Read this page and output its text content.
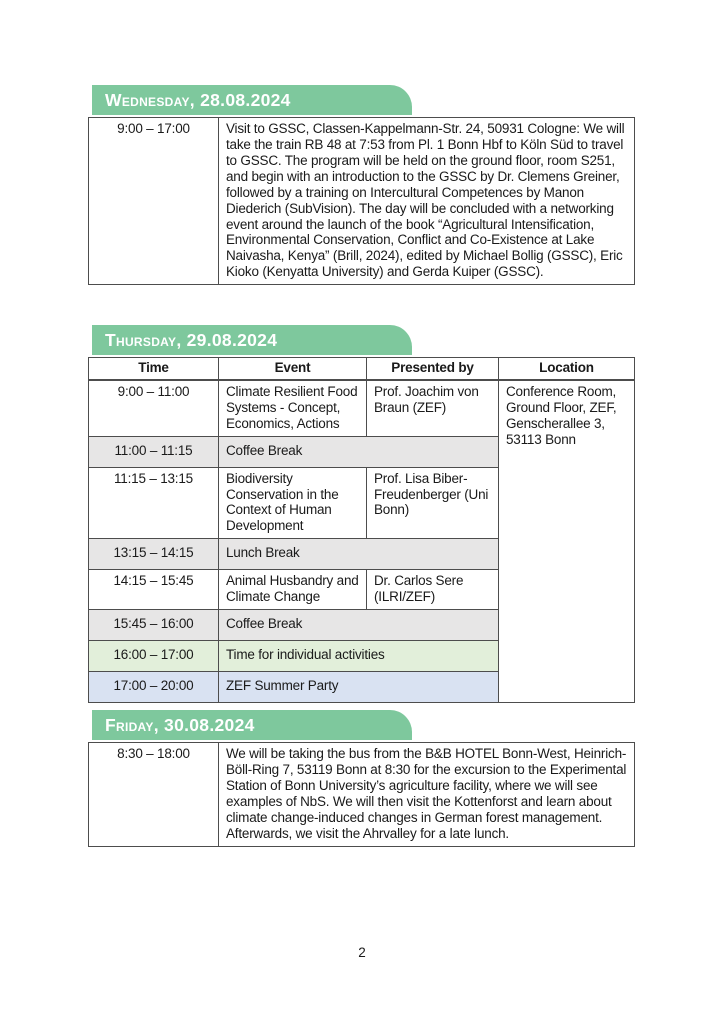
Wednesday, 28.08.2024
9:00 – 17:00	Visit to GSSC, Classen-Kappelmann-Str. 24, 50931 Cologne: We will take the train RB 48 at 7:53 from Pl. 1 Bonn Hbf to Köln Süd to travel to GSSC. The program will be held on the ground floor, room S251, and begin with an introduction to the GSSC by Dr. Clemens Greiner, followed by a training on Intercultural Competences by Manon Diederich (SubVision). The day will be concluded with a networking event around the launch of the book “Agricultural Intensification, Environmental Conservation, Conflict and Co-Existence at Lake Naivasha, Kenya” (Brill, 2024), edited by Michael Bollig (GSSC), Eric Kioko (Kenyatta University) and Gerda Kuiper (GSSC).
Thursday, 29.08.2024
Time	Event	Presented by	Location
9:00 – 11:00	Climate Resilient Food Systems - Concept, Economics, Actions	Prof. Joachim von Braun (ZEF)	Conference Room, Ground Floor, ZEF, Genscherallee 3, 53113 Bonn
11:00 – 11:15	Coffee Break		
11:15 – 13:15	Biodiversity Conservation in the Context of Human Development	Prof. Lisa Biber-Freudenberger (Uni Bonn)	
13:15 – 14:15	Lunch Break		
14:15 – 15:45	Animal Husbandry and Climate Change	Dr. Carlos Sere (ILRI/ZEF)	
15:45 – 16:00	Coffee Break		
16:00 – 17:00	Time for individual activities		
17:00 – 20:00	ZEF Summer Party		
Friday, 30.08.2024
8:30 – 18:00	We will be taking the bus from the B&B HOTEL Bonn-West, Heinrich-Böll-Ring 7, 53119 Bonn at 8:30 for the excursion to the Experimental Station of Bonn University’s agriculture facility, where we will see examples of NbS. We will then visit the Kottenforst and learn about climate change-induced changes in German forest management. Afterwards, we visit the Ahrvalley for a late lunch.
2
